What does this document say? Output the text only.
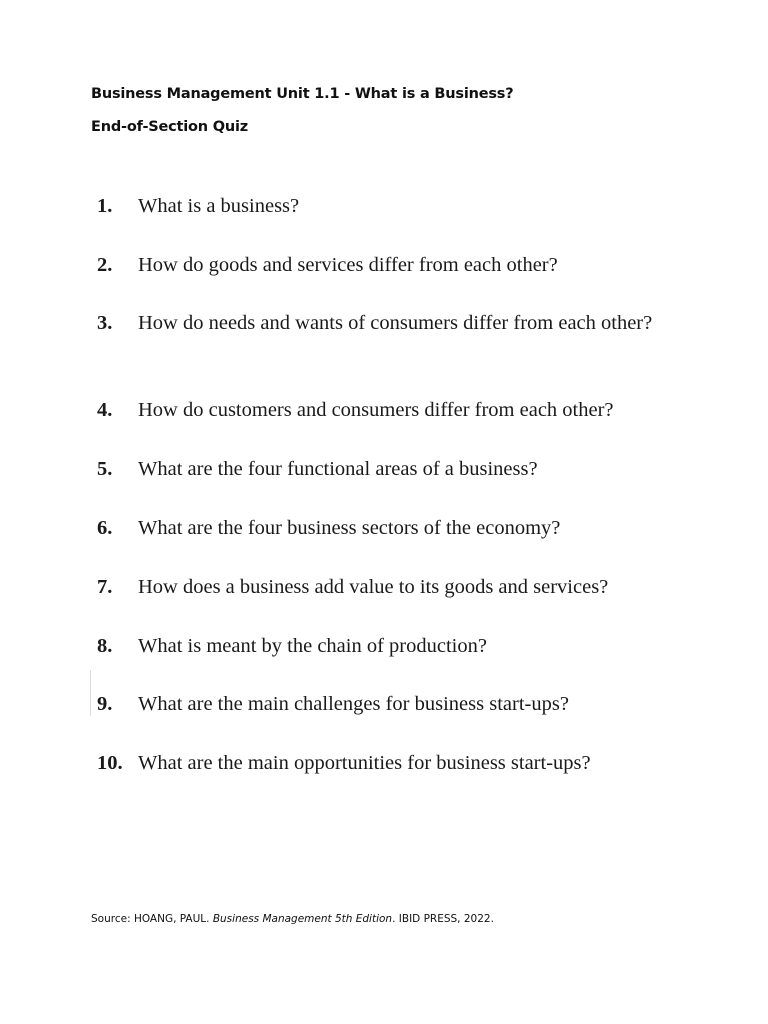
Business Management Unit 1.1 - What is a Business?
End-of-Section Quiz
1. What is a business?
2. How do goods and services differ from each other?
3. How do needs and wants of consumers differ from each other?
4. How do customers and consumers differ from each other?
5. What are the four functional areas of a business?
6. What are the four business sectors of the economy?
7. How does a business add value to its goods and services?
8. What is meant by the chain of production?
9. What are the main challenges for business start-ups?
10. What are the main opportunities for business start-ups?
Source: HOANG, PAUL. Business Management 5th Edition. IBID PRESS, 2022.
